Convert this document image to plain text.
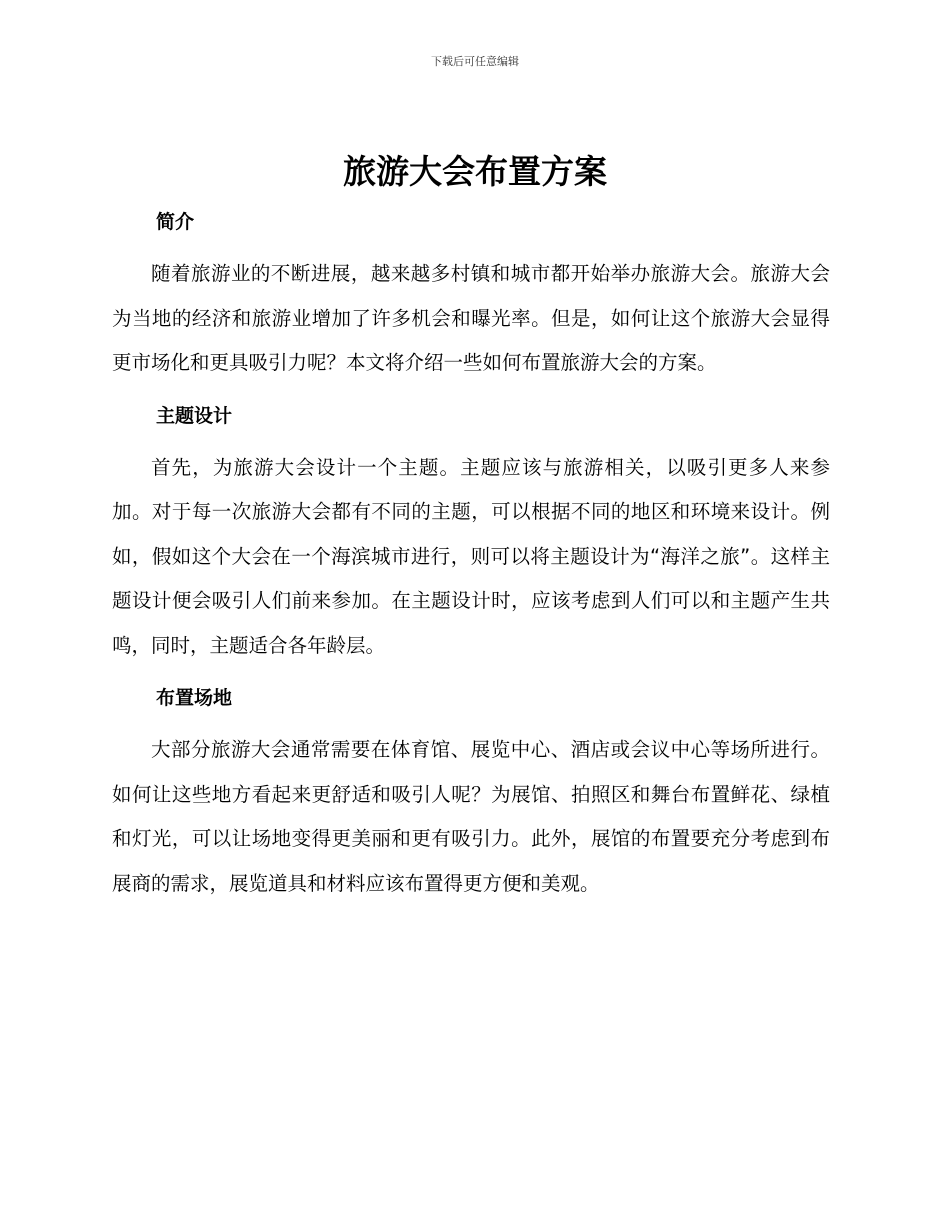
下载后可任意编辑
旅游大会布置方案
简介

随着旅游业的不断进展，越来越多村镇和城市都开始举办旅游大会。旅游大会为当地的经济和旅游业增加了许多机会和曝光率。但是，如何让这个旅游大会显得更市场化和更具吸引力呢？本文将介绍一些如何布置旅游大会的方案。

主题设计

首先，为旅游大会设计一个主题。主题应该与旅游相关，以吸引更多人来参加。对于每一次旅游大会都有不同的主题，可以根据不同的地区和环境来设计。例如，假如这个大会在一个海滨城市进行，则可以将主题设计为“海洋之旅”。这样主题设计便会吸引人们前来参加。在主题设计时，应该考虑到人们可以和主题产生共鸣，同时，主题适合各年龄层。

布置场地

大部分旅游大会通常需要在体育馆、展览中心、酒店或会议中心等场所进行。如何让这些地方看起来更舒适和吸引人呢？为展馆、拍照区和舞台布置鲜花、绿植和灯光，可以让场地变得更美丽和更有吸引力。此外，展馆的布置要充分考虑到布展商的需求，展览道具和材料应该布置得更方便和美观。
